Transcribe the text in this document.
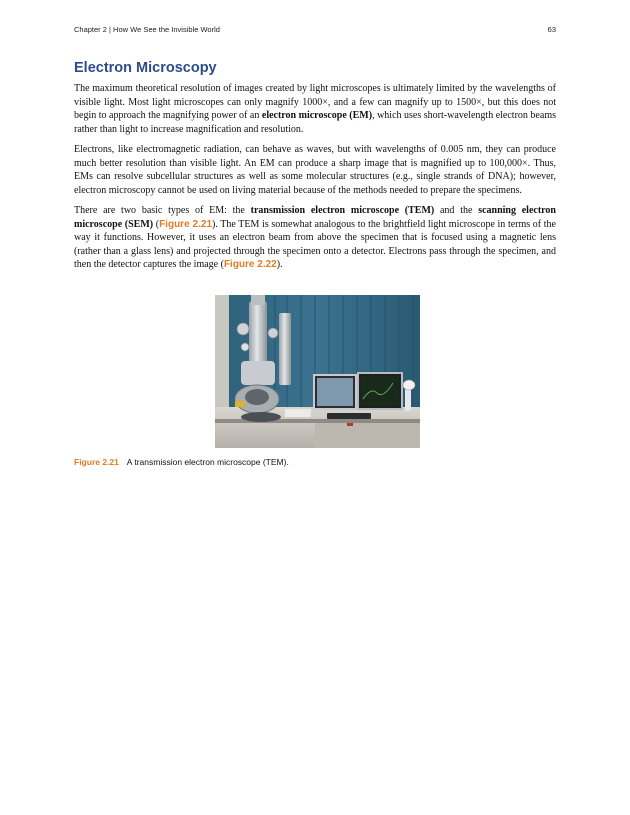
Chapter 2 | How We See the Invisible World	63
Electron Microscopy

The maximum theoretical resolution of images created by light microscopes is ultimately limited by the wavelengths of visible light. Most light microscopes can only magnify 1000×, and a few can magnify up to 1500×, but this does not begin to approach the magnifying power of an electron microscope (EM), which uses short-wavelength electron beams rather than light to increase magnification and resolution.

Electrons, like electromagnetic radiation, can behave as waves, but with wavelengths of 0.005 nm, they can produce much better resolution than visible light. An EM can produce a sharp image that is magnified up to 100,000×. Thus, EMs can resolve subcellular structures as well as some molecular structures (e.g., single strands of DNA); however, electron microscopy cannot be used on living material because of the methods needed to prepare the specimens.

There are two basic types of EM: the transmission electron microscope (TEM) and the scanning electron microscope (SEM) (Figure 2.21). The TEM is somewhat analogous to the brightfield light microscope in terms of the way it functions. However, it uses an electron beam from above the specimen that is focused using a magnetic lens (rather than a glass lens) and projected through the specimen onto a detector. Electrons pass through the specimen, and then the detector captures the image (Figure 2.22).

Figure 2.21 A transmission electron microscope (TEM).
